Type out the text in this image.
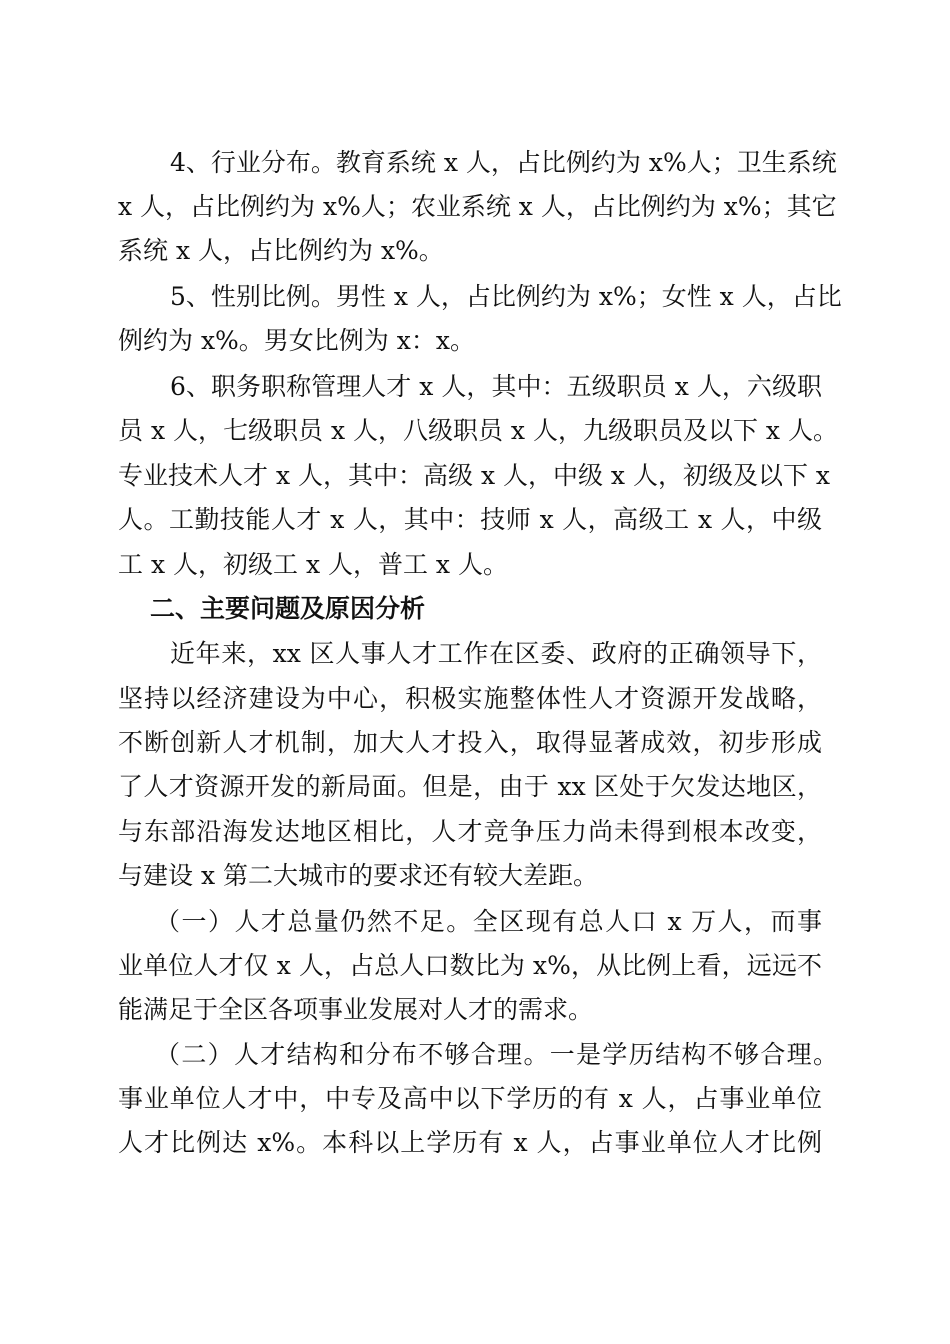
4、行业分布。教育系统 x 人，占比例约为 x%人；卫生系统
x 人，占比例约为 x%人；农业系统 x 人，占比例约为 x%；其它
系统 x 人，占比例约为 x%。
5、性别比例。男性 x 人，占比例约为 x%；女性 x 人，占比
例约为 x%。男女比例为 x：x。
6、职务职称管理人才 x 人，其中：五级职员 x 人，六级职
员 x 人，七级职员 x 人，八级职员 x 人，九级职员及以下 x 人。
专业技术人才 x 人，其中：高级 x 人，中级 x 人，初级及以下 x
人。工勤技能人才 x 人，其中：技师 x 人，高级工 x 人，中级
工 x 人，初级工 x 人，普工 x 人。
二、主要问题及原因分析
近年来，xx 区人事人才工作在区委、政府的正确领导下，
坚持以经济建设为中心，积极实施整体性人才资源开发战略，
不断创新人才机制，加大人才投入，取得显著成效，初步形成
了人才资源开发的新局面。但是，由于 xx 区处于欠发达地区，
与东部沿海发达地区相比，人才竞争压力尚未得到根本改变，
与建设 x 第二大城市的要求还有较大差距。
（一）人才总量仍然不足。全区现有总人口 x 万人，而事
业单位人才仅 x 人，占总人口数比为 x%，从比例上看，远远不
能满足于全区各项事业发展对人才的需求。
（二）人才结构和分布不够合理。一是学历结构不够合理。
事业单位人才中，中专及高中以下学历的有 x 人，占事业单位
人才比例达 x%。本科以上学历有 x 人，占事业单位人才比例
